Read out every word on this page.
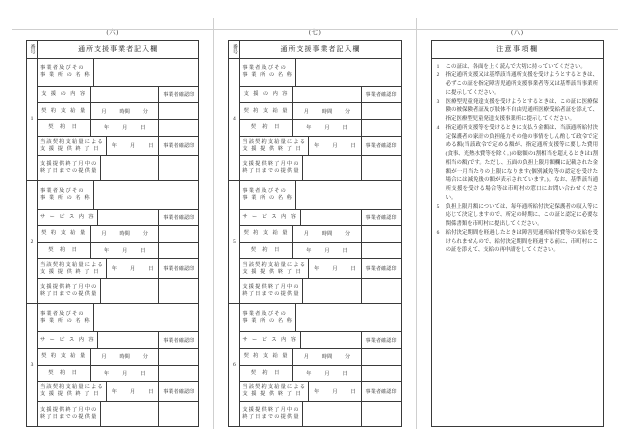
(六)
番号
1
2
3
通所支援事業者記入欄
事業者及びその
事 業 所 の 名 称
支 援 の 内 容	事業者確認印
契 約 支 給 量	月 時間 分
契 約 日	年	月	日
当該契約支給量による
支 援 提 供 終 了 日 年	月	日	事業者確認印
支援提供終了月中の
終了日までの提供量
事業者及びその
事 業 所 の 名 称
サ ー ビ ス 内 容	事業者確認印
契 約 支 給 量	月 時間 分
契 約 日	年	月	日
当該契約支給量による
支 援 提 供 終 了 日 年	月	日	事業者確認印
支援提供終了月中の
終了日までの提供量
事業者及びその
事 業 所 の 名 称
サ ー ビ ス 内 容	事業者確認印
契 約 支 給 量	月 時間 分
契 約 日	年	月	日
当該契約支給量による
支 援 提 供 終 了 日 年	月	日	事業者確認印
支援提供終了月中の
終了日までの提供量
(七)
番号
4
5
6
通所支援事業者記入欄
事業者及びその
事 業 所 の 名 称
支 援 の 内 容	事業者確認印
契 約 支 給 量	月 時間 分
契 約 日	年	月	日
当該契約支給量による
支 援 提 供 終 了 日 年	月	日	事業者確認印
支援提供終了月中の
終了日までの提供量
事業者及びその
事 業 所 の 名 称
サ ー ビ ス 内 容	事業者確認印
契 約 支 給 量	月 時間 分
契 約 日	年	月	日
当該契約支給量による
支 援 提 供 終 了 日 年	月	日	事業者確認印
支援提供終了月中の
終了日までの提供量
事業者及びその
事 業 所 の 名 称
サ ー ビ ス 内 容	事業者確認印
契 約 支 給 量	月 時間 分
契 約 日	年	月	日
当該契約支給量による
支 援 提 供 終 了 日 年	月	日	事業者確認印
支援提供終了月中の
終了日までの提供量
(八)
注意事項欄
1	この証は、各面を上く読んで大切に持っていてください。
2	指定通所支援又は基準該当通所支援を受けようとするときは、必ずこの証を指定障害児通所支援事業者等又は基準該当事業所に提示してください。
3	医療型児童発達支援を受けようとするときは、この証に医療保険の被保険者証及び肢体不自由児通所医療受給者証を添えて、指定医療型児童発達支援事業所に提示してください。
4	指定通所支援等を受けるときに支払う金額は、当該通所給付決定保護者の家計の負担能力その他の事情をしん酌して政令で定める額(当該政令で定める額が、指定通所支援等に要した費用(食事、光熱水費等を除く。)の総額の1割相当を超えるときは1割相当の額)です。ただし、五面の負担上限月額欄に記載された金額が一月当たりの上限になります(個別減免等の認定を受けた場合には減免後の額が表示されています。)。なお、基準該当通所支援を受ける場合等は市町村の窓口にお問い合わせください。
5	負担上限月額については、毎年通所給付決定保護者の収入等に応じて決定しますので、所定の時期に、この証と認定に必要な関係書類を市町村に提出してください。
6	給付決定期間を経過したときは障害児通所給付費等の支給を受けられませんので、給付決定期間を経過する前に、市町村にこの証を添えて、支給の再申請をしてください。
